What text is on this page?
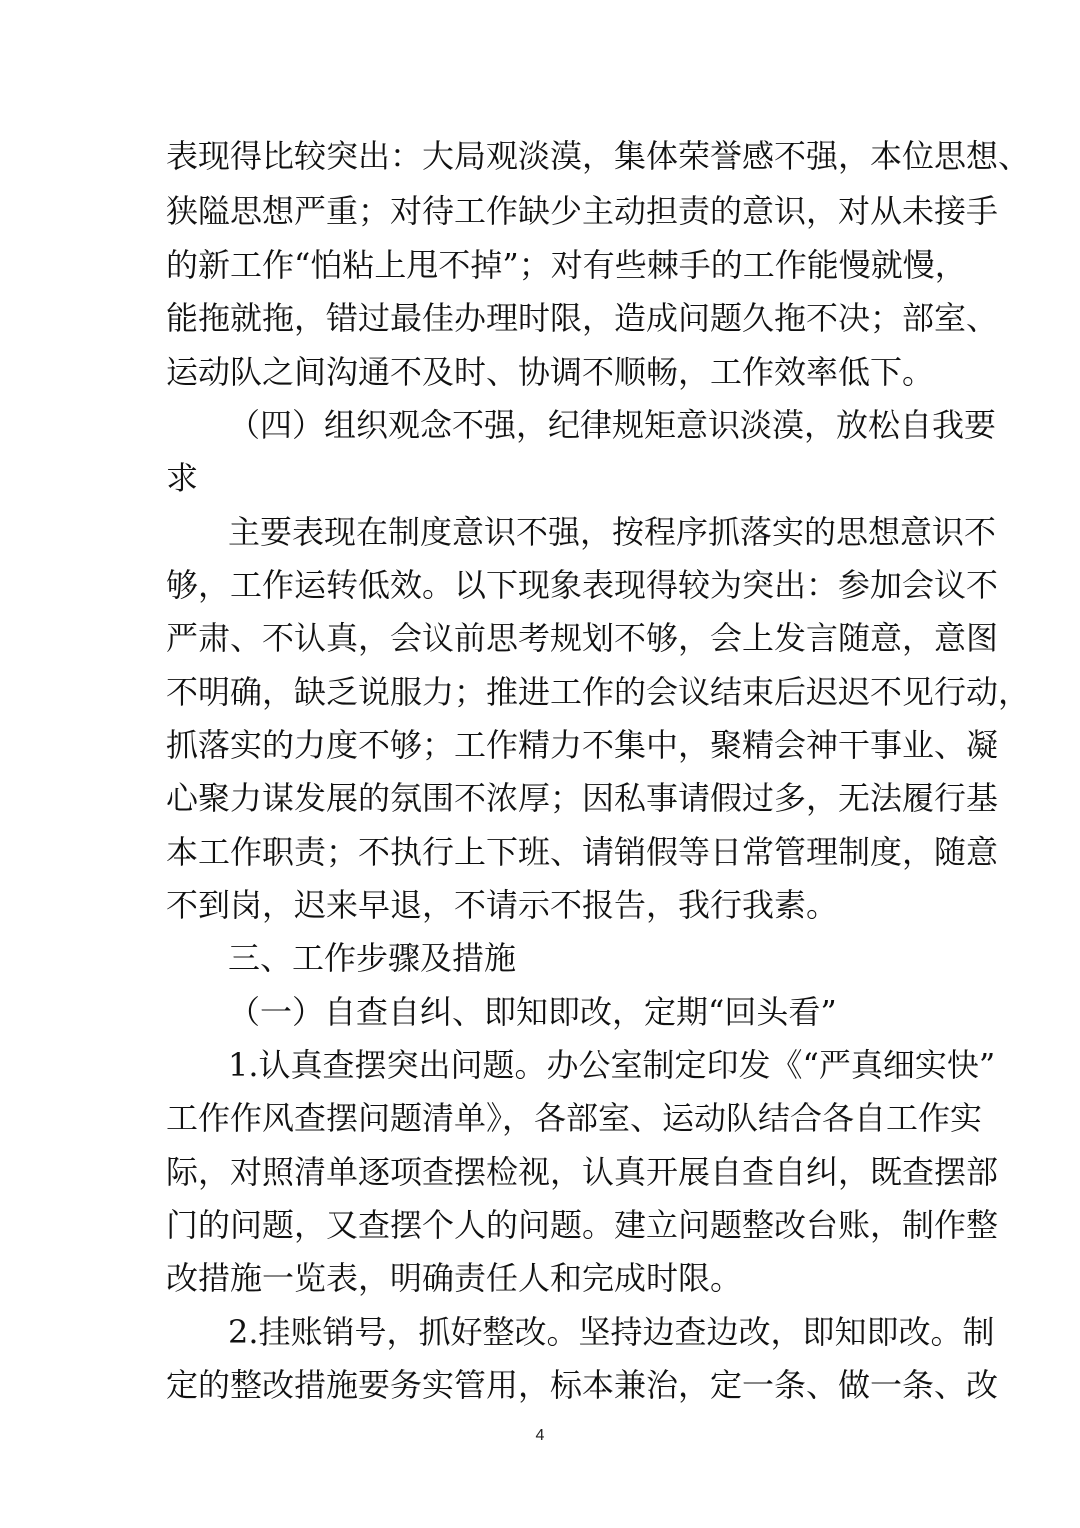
表现得比较突出：大局观淡漠，集体荣誉感不强，本位思想、
狭隘思想严重；对待工作缺少主动担责的意识，对从未接手
的新工作“怕粘上甩不掉”；对有些棘手的工作能慢就慢，
能拖就拖，错过最佳办理时限，造成问题久拖不决；部室、
运动队之间沟通不及时、协调不顺畅，工作效率低下。
（四）组织观念不强，纪律规矩意识淡漠，放松自我要
求
主要表现在制度意识不强，按程序抓落实的思想意识不
够，工作运转低效。以下现象表现得较为突出：参加会议不
严肃、不认真，会议前思考规划不够，会上发言随意，意图
不明确，缺乏说服力；推进工作的会议结束后迟迟不见行动，
抓落实的力度不够；工作精力不集中，聚精会神干事业、凝
心聚力谋发展的氛围不浓厚；因私事请假过多，无法履行基
本工作职责；不执行上下班、请销假等日常管理制度，随意
不到岗，迟来早退，不请示不报告，我行我素。
三、工作步骤及措施
（一）自查自纠、即知即改，定期“回头看”
1.认真查摆突出问题。办公室制定印发《“严真细实快”
工作作风查摆问题清单》，各部室、运动队结合各自工作实
际，对照清单逐项查摆检视，认真开展自查自纠，既查摆部
门的问题，又查摆个人的问题。建立问题整改台账，制作整
改措施一览表，明确责任人和完成时限。
2.挂账销号，抓好整改。坚持边查边改，即知即改。制
定的整改措施要务实管用，标本兼治，定一条、做一条、改
4
